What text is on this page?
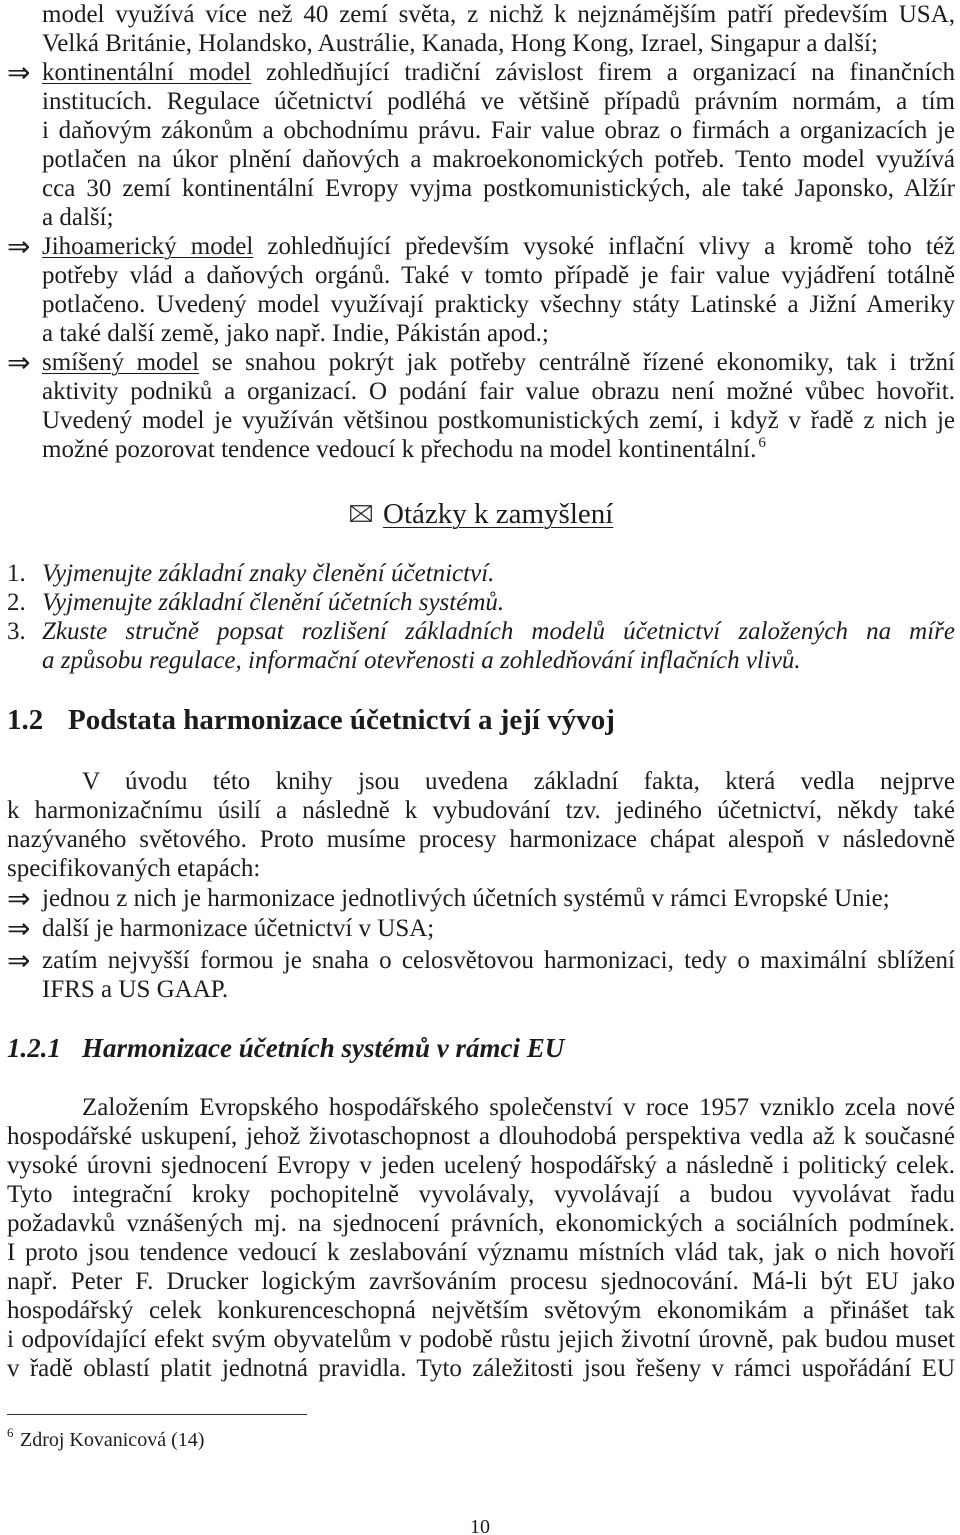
model využívá více než 40 zemí světa, z nichž k nejznámějším patří především USA,
Velká Británie, Holandsko, Austrálie, Kanada, Hong Kong, Izrael, Singapur a další;
⇒ kontinentální model zohledňující tradiční závislost firem a organizací na finančních
institucích. Regulace účetnictví podléhá ve většině případů právním normám, a tím
i daňovým zákonům a obchodnímu právu. Fair value obraz o firmách a organizacích je
potlačen na úkor plnění daňových a makroekonomických potřeb. Tento model využívá
cca 30 zemí kontinentální Evropy vyjma postkomunistických, ale také Japonsko, Alžír
a další;
⇒ Jihoamerický model zohledňující především vysoké inflační vlivy a kromě toho též
potřeby vlád a daňových orgánů. Také v tomto případě je fair value vyjádření totálně
potlačeno. Uvedený model využívají prakticky všechny státy Latinské a Jižní Ameriky
a také další země, jako např. Indie, Pákistán apod.;
⇒ smíšený model se snahou pokrýt jak potřeby centrálně řízené ekonomiky, tak i tržní
aktivity podniků a organizací. O podání fair value obrazu není možné vůbec hovořit.
Uvedený model je využíván většinou postkomunistických zemí, i když v řadě z nich je
možné pozorovat tendence vedoucí k přechodu na model kontinentální. $^6$
Otázky k zamyšlení
1. Vyjmenujte základní znaky členění účetnictví.
2. Vyjmenujte základní členění účetních systémů.
3. Zkuste stručně popsat rozlišení základních modelů účetnictví založených na míře
a způsobu regulace, informační otevřenosti a zohledňování inflačních vlivů.
1.2 Podstata harmonizace účetnictví a její vývoj
V úvodu této knihy jsou uvedena základní fakta, která vedla nejprve
k harmonizačnímu úsilí a následně k vybudování tzv. jediného účetnictví, někdy také
nazývaného světového. Proto musíme procesy harmonizace chápat alespoň v následovně
specifikovaných etapách:
⇒ jednou z nich je harmonizace jednotlivých účetních systémů v rámci Evropské Unie;
⇒ další je harmonizace účetnictví v USA;
⇒ zatím nejvyšší formou je snaha o celosvětovou harmonizaci, tedy o maximální sblížení
IFRS a US GAAP.
1.2.1 Harmonizace účetních systémů v rámci EU
Založením Evropského hospodářského společenství v roce 1957 vzniklo zcela nové
hospodářské uskupení, jehož životaschopnost a dlouhodobá perspektiva vedla až k současné
vysoké úrovni sjednocení Evropy v jeden ucelený hospodářský a následně i politický celek.
Tyto integrační kroky pochopitelně vyvolávaly, vyvolávají a budou vyvolávat řadu
požadavků vznášených mj. na sjednocení právních, ekonomických a sociálních podmínek.
I proto jsou tendence vedoucí k zeslabování významu místních vlád tak, jak o nich hovoří
např. Peter F. Drucker logickým završováním procesu sjednocování. Má-li být EU jako
hospodářský celek konkurenceschopná největším světovým ekonomikám a přinášet tak
i odpovídající efekt svým obyvatelům v podobě růstu jejich životní úrovně, pak budou muset
v řadě oblastí platit jednotná pravidla. Tyto záležitosti jsou řešeny v rámci uspořádání EU
6 Zdroj Kovanicová (14)
10
